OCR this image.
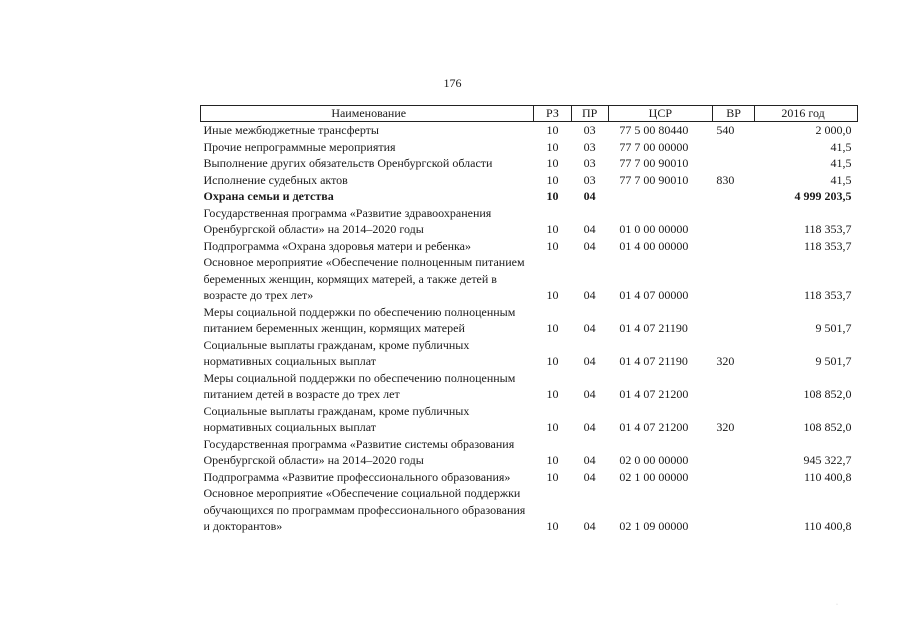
176
Наименование	РЗ	ПР	ЦСР	ВР	2016 год
Иные межбюджетные трансферты	10	03	77 5 00 80440	540	2 000,0
Прочие непрограммные мероприятия	10	03	77 7 00 00000		41,5
Выполнение других обязательств Оренбургской области	10	03	77 7 00 90010		41,5
Исполнение судебных актов	10	03	77 7 00 90010	830	41,5
Охрана семьи и детства	10	04			4 999 203,5
Государственная программа «Развитие здравоохранения Оренбургской области» на 2014–2020 годы	10	04	01 0 00 00000		118 353,7
Подпрограмма «Охрана здоровья матери и ребенка»	10	04	01 4 00 00000		118 353,7
Основное мероприятие «Обеспечение полноценным питанием беременных женщин, кормящих матерей, а также детей в возрасте до трех лет»	10	04	01 4 07 00000		118 353,7
Меры социальной поддержки по обеспечению полноценным питанием беременных женщин, кормящих матерей	10	04	01 4 07 21190		9 501,7
Социальные выплаты гражданам, кроме публичных нормативных социальных выплат	10	04	01 4 07 21190	320	9 501,7
Меры социальной поддержки по обеспечению полноценным питанием детей в возрасте до трех лет	10	04	01 4 07 21200		108 852,0
Социальные выплаты гражданам, кроме публичных нормативных социальных выплат	10	04	01 4 07 21200	320	108 852,0
Государственная программа «Развитие системы образования Оренбургской области» на 2014–2020 годы	10	04	02 0 00 00000		945 322,7
Подпрограмма «Развитие профессионального образования»	10	04	02 1 00 00000		110 400,8
Основное мероприятие «Обеспечение социальной поддержки обучающихся по программам профессионального образования и докторантов»	10	04	02 1 09 00000		110 400,8
·
